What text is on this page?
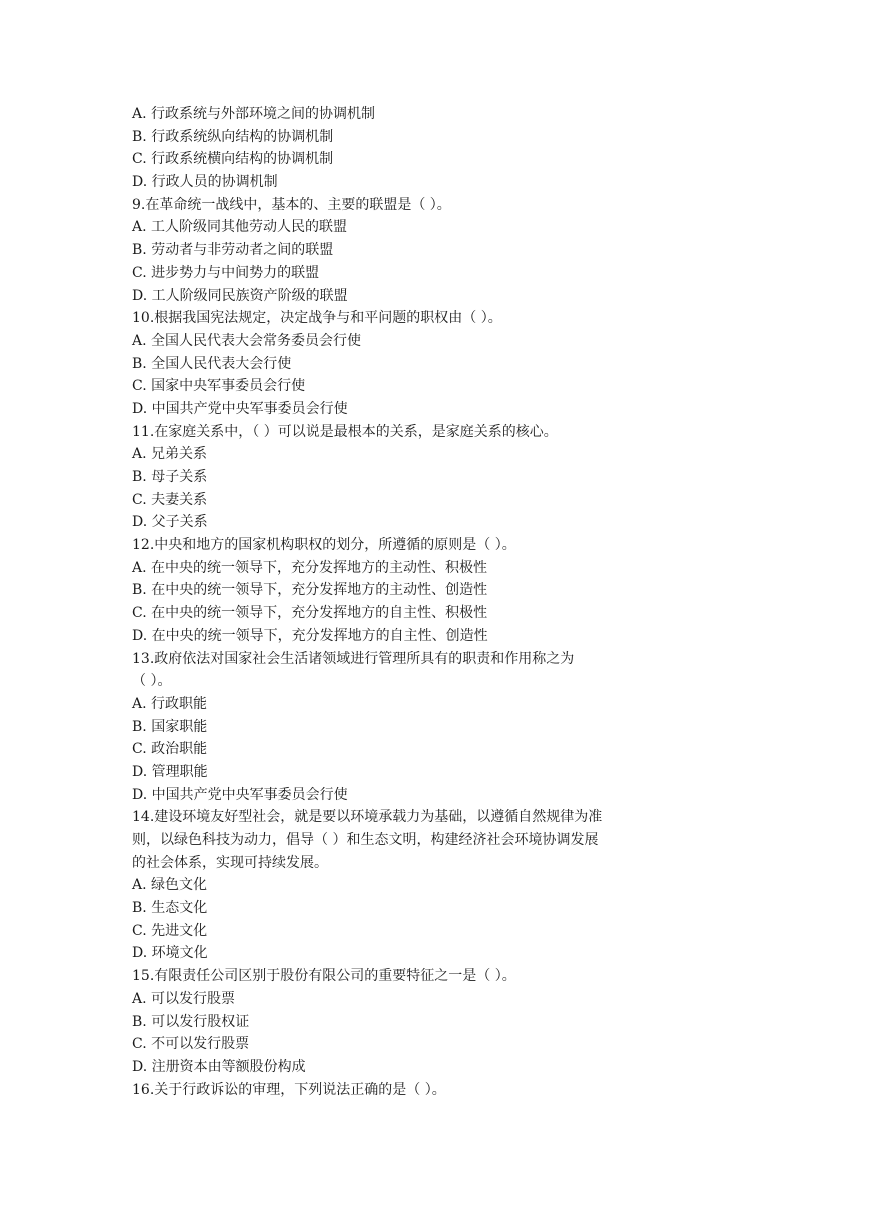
A. 行政系统与外部环境之间的协调机制
B. 行政系统纵向结构的协调机制
C. 行政系统横向结构的协调机制
D. 行政人员的协调机制
9.在革命统一战线中，基本的、主要的联盟是（ ）。
A. 工人阶级同其他劳动人民的联盟
B. 劳动者与非劳动者之间的联盟
C. 进步势力与中间势力的联盟
D. 工人阶级同民族资产阶级的联盟
10.根据我国宪法规定，决定战争与和平问题的职权由（ ）。
A. 全国人民代表大会常务委员会行使
B. 全国人民代表大会行使
C. 国家中央军事委员会行使
D. 中国共产党中央军事委员会行使
11.在家庭关系中，（ ）可以说是最根本的关系，是家庭关系的核心。
A. 兄弟关系
B. 母子关系
C. 夫妻关系
D. 父子关系
12.中央和地方的国家机构职权的划分，所遵循的原则是（ ）。
A. 在中央的统一领导下，充分发挥地方的主动性、积极性
B. 在中央的统一领导下，充分发挥地方的主动性、创造性
C. 在中央的统一领导下，充分发挥地方的自主性、积极性
D. 在中央的统一领导下，充分发挥地方的自主性、创造性
13.政府依法对国家社会生活诸领域进行管理所具有的职责和作用称之为
（ ）。
A. 行政职能
B. 国家职能
C. 政治职能
D. 管理职能
D. 中国共产党中央军事委员会行使
14.建设环境友好型社会，就是要以环境承载力为基础，以遵循自然规律为准
则，以绿色科技为动力，倡导（ ）和生态文明，构建经济社会环境协调发展
的社会体系，实现可持续发展。
A. 绿色文化
B. 生态文化
C. 先进文化
D. 环境文化
15.有限责任公司区别于股份有限公司的重要特征之一是（ ）。
A. 可以发行股票
B. 可以发行股权证
C. 不可以发行股票
D. 注册资本由等额股份构成
16.关于行政诉讼的审理，下列说法正确的是（ ）。
